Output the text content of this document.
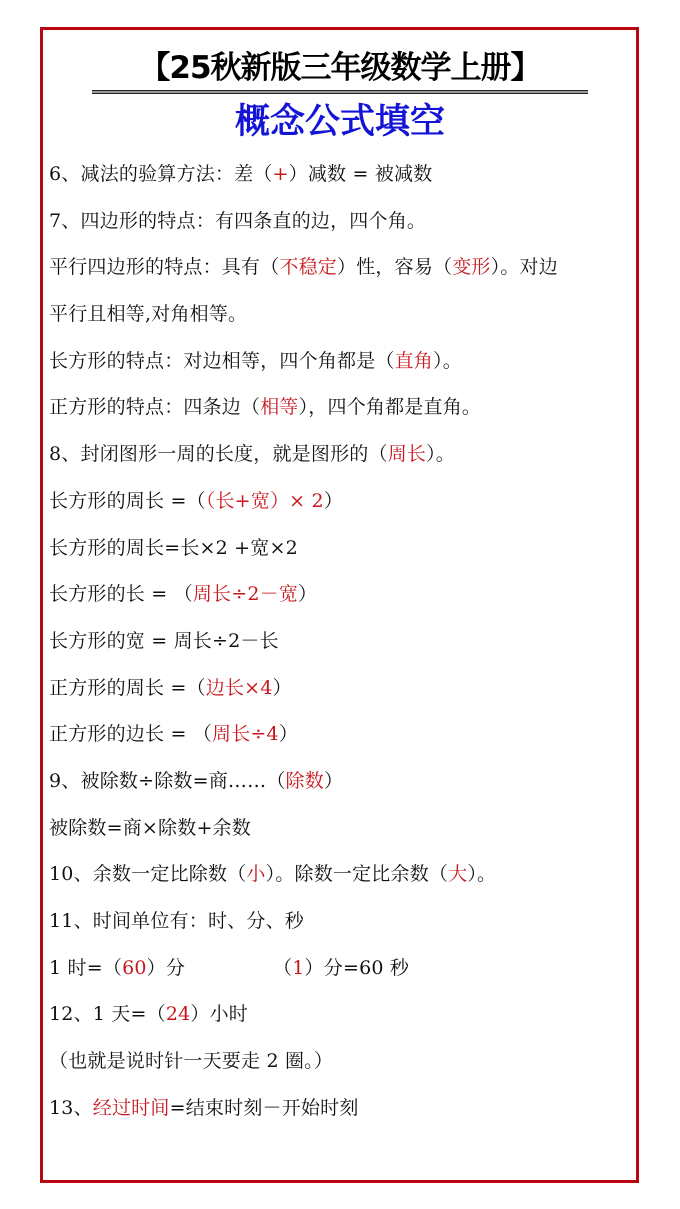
【25秋新版三年级数学上册】
概念公式填空
6、减法的验算方法：差（+）减数 = 被减数
7、四边形的特点：有四条直的边，四个角。
平行四边形的特点：具有（不稳定）性，容易（变形）。对边
平行且相等,对角相等。
长方形的特点：对边相等，四个角都是（直角）。
正方形的特点：四条边（相等），四个角都是直角。
8、封闭图形一周的长度，就是图形的（周长）。
长方形的周长 =（（长+宽）× 2）
长方形的周长=长×2 +宽×2
长方形的长 = （周长÷2－宽）
长方形的宽 = 周长÷2－长
正方形的周长 =（边长×4）
正方形的边长 = （周长÷4）
9、被除数÷除数=商……（除数）
被除数=商×除数+余数
10、余数一定比除数（小）。除数一定比余数（大）。
11、时间单位有：时、分、秒
1 时=（60）分	（1）分=60 秒
12、1 天=（24）小时
（也就是说时针一天要走 2 圈。）
13、经过时间=结束时刻－开始时刻
